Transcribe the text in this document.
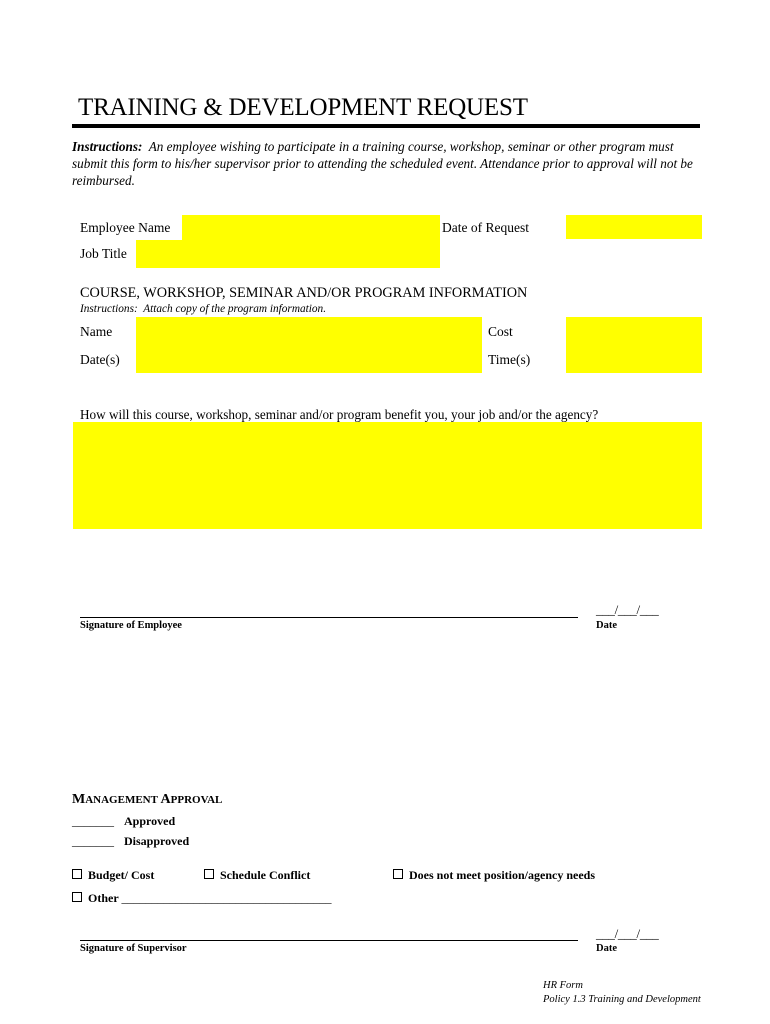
TRAINING & DEVELOPMENT REQUEST
Instructions: An employee wishing to participate in a training course, workshop, seminar or other program must submit this form to his/her supervisor prior to attending the scheduled event. Attendance prior to approval will not be reimbursed.
Employee Name	Date of Request
Job Title
COURSE, WORKSHOP, SEMINAR AND/OR PROGRAM INFORMATION
Instructions: Attach copy of the program information.
Name	Cost
Date(s)	Time(s)
How will this course, workshop, seminar and/or program benefit you, your job and/or the agency?
___/___/___
Signature of Employee	Date
MANAGEMENT APPROVAL
_______ Approved
_______ Disapproved
Budget/ Cost	Schedule Conflict	Does not meet position/agency needs
Other ___________________________________
___/___/___
Signature of Supervisor	Date
HR Form
Policy 1.3 Training and Development
